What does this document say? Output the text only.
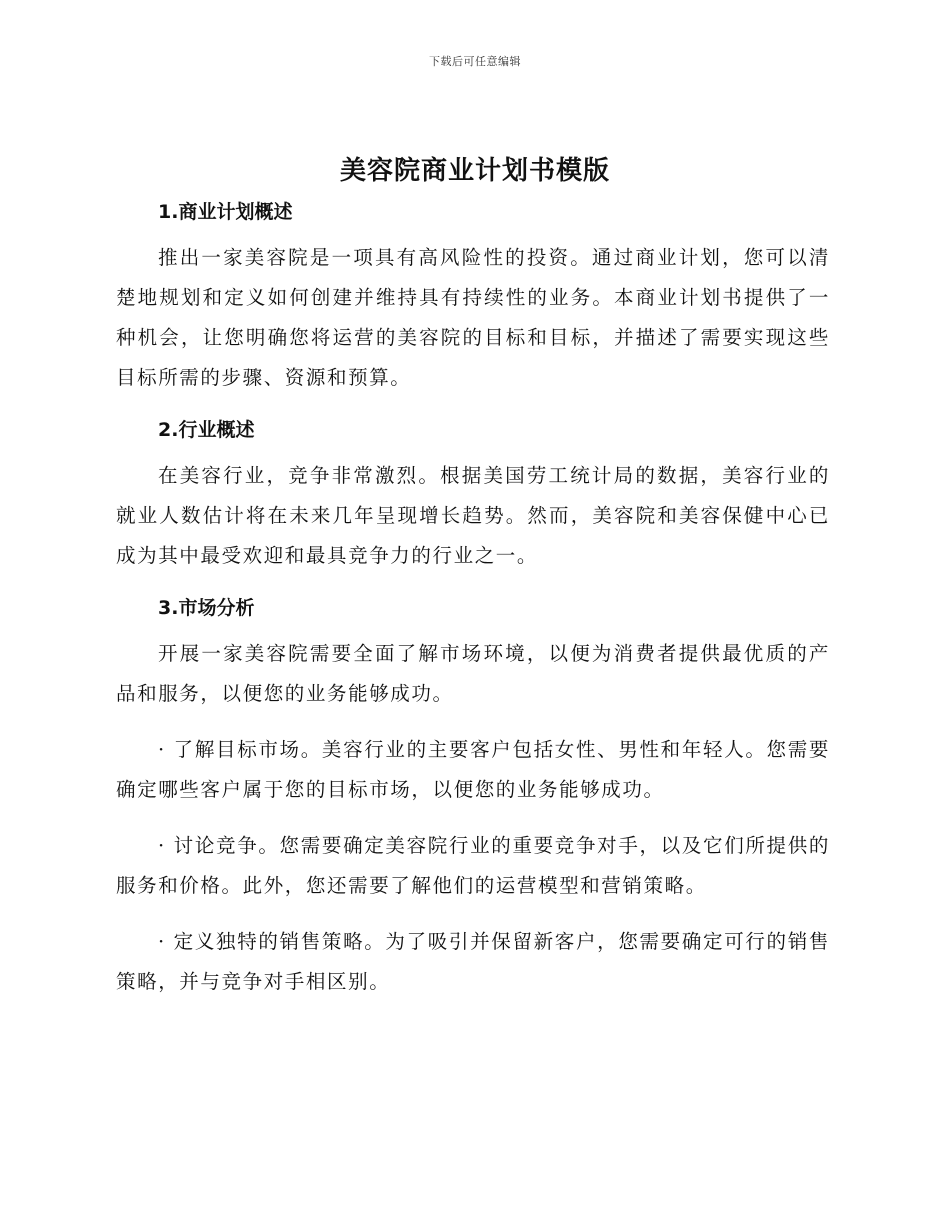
下载后可任意编辑
美容院商业计划书模版
1.商业计划概述

推出一家美容院是一项具有高风险性的投资。通过商业计划，您可以清楚地规划和定义如何创建并维持具有持续性的业务。本商业计划书提供了一种机会，让您明确您将运营的美容院的目标和目标，并描述了需要实现这些目标所需的步骤、资源和预算。

2.行业概述

在美容行业，竞争非常激烈。根据美国劳工统计局的数据，美容行业的就业人数估计将在未来几年呈现增长趋势。然而，美容院和美容保健中心已成为其中最受欢迎和最具竞争力的行业之一。

3.市场分析

开展一家美容院需要全面了解市场环境，以便为消费者提供最优质的产品和服务，以便您的业务能够成功。

· 了解目标市场。美容行业的主要客户包括女性、男性和年轻人。您需要确定哪些客户属于您的目标市场，以便您的业务能够成功。

· 讨论竞争。您需要确定美容院行业的重要竞争对手，以及它们所提供的服务和价格。此外，您还需要了解他们的运营模型和营销策略。

· 定义独特的销售策略。为了吸引并保留新客户，您需要确定可行的销售策略，并与竞争对手相区别。
